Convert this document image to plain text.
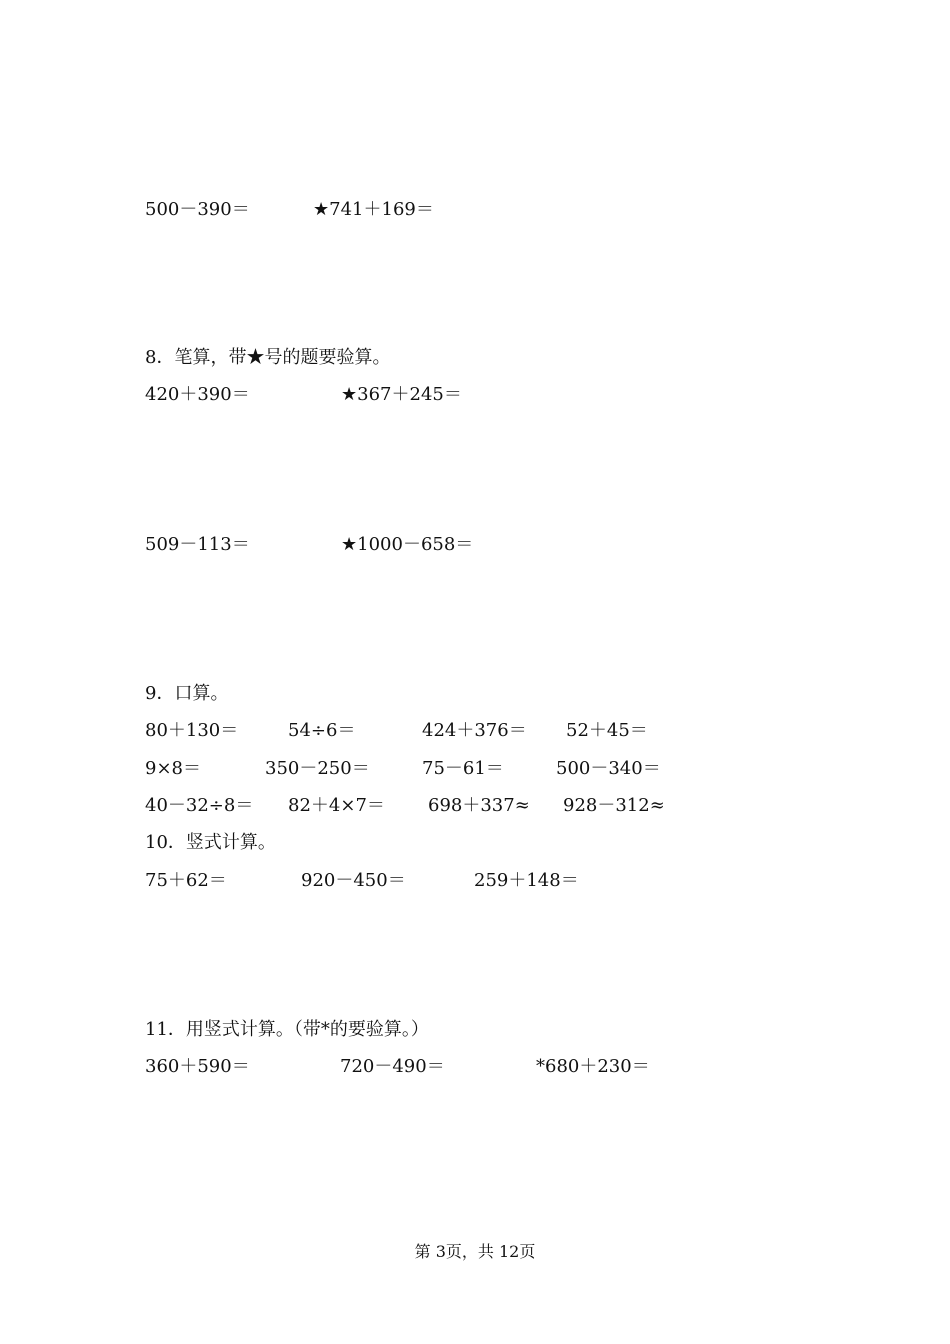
500－390＝	★741＋169＝
8．笔算，带★号的题要验算。
420＋390＝	★367＋245＝
509－113＝	★1000－658＝
9．口算。
80＋130＝	54÷6＝	424＋376＝ 52＋45＝
9×8＝	350－250＝	75－61＝	500－340＝
40－32÷8＝ 82＋4×7＝ 698＋337≈ 928－312≈
10．竖式计算。
75＋62＝	920－450＝	259＋148＝
11．用竖式计算。（带*的要验算。）
360＋590＝	720－490＝	*680＋230＝
第 3页，共 12页
